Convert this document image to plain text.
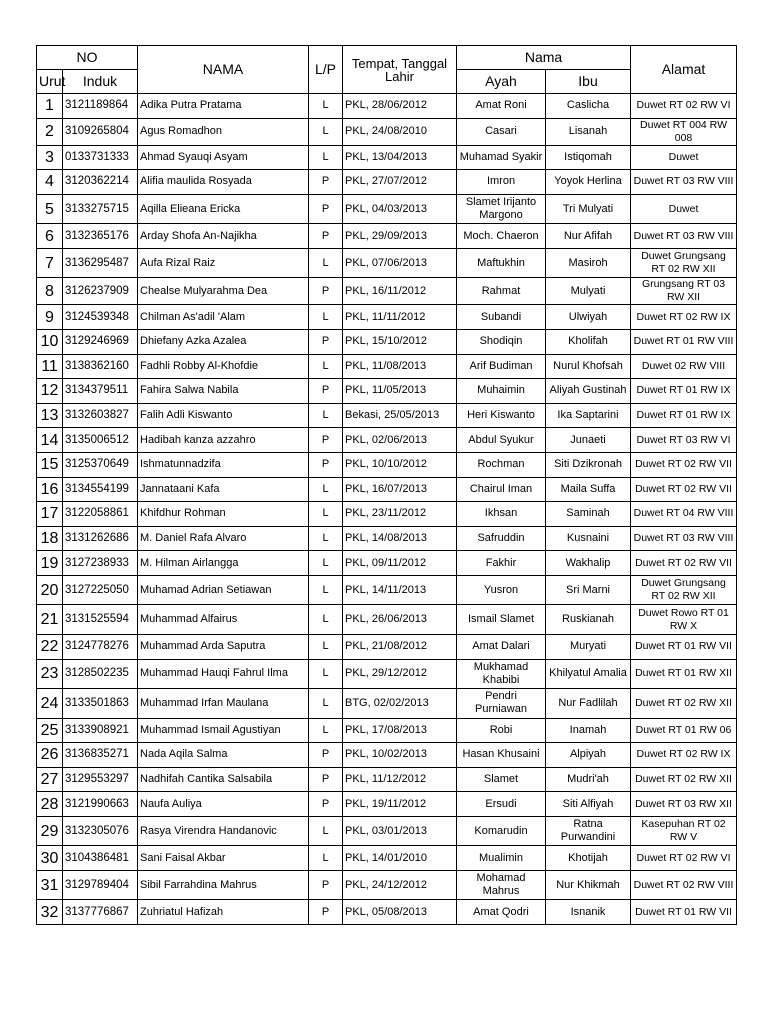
NO		NAMA	L/P	Tempat, Tanggal Lahir	Nama		Alamat
Urut	Induk				Ayah	Ibu	
1	3121189864	Adika Putra Pratama	L	PKL, 28/06/2012	Amat Roni	Caslicha	Duwet RT 02 RW VI
2	3109265804	Agus Romadhon	L	PKL, 24/08/2010	Casari	Lisanah	Duwet RT 004 RW 008
3	0133731333	Ahmad Syauqi Asyam	L	PKL, 13/04/2013	Muhamad Syakir	Istiqomah	Duwet
4	3120362214	Alifia maulida Rosyada	P	PKL, 27/07/2012	Imron	Yoyok Herlina	Duwet RT 03 RW VIII
5	3133275715	Aqilla Elieana Ericka	P	PKL, 04/03/2013	Slamet Irijanto Margono	Tri Mulyati	Duwet
6	3132365176	Arday Shofa An-Najikha	P	PKL, 29/09/2013	Moch. Chaeron	Nur Afifah	Duwet RT 03 RW VIII
7	3136295487	Aufa Rizal Raiz	L	PKL, 07/06/2013	Maftukhin	Masiroh	Duwet Grungsang RT 02 RW XII
8	3126237909	Chealse Mulyarahma Dea	P	PKL, 16/11/2012	Rahmat	Mulyati	Grungsang RT 03 RW XII
9	3124539348	Chilman As'adil 'Alam	L	PKL, 11/11/2012	Subandi	Ulwiyah	Duwet RT 02 RW IX
10	3129246969	Dhiefany Azka Azalea	P	PKL, 15/10/2012	Shodiqin	Kholifah	Duwet RT 01 RW VIII
11	3138362160	Fadhli Robby Al-Khofdie	L	PKL, 11/08/2013	Arif Budiman	Nurul Khofsah	Duwet 02 RW VIII
12	3134379511	Fahira Salwa Nabila	P	PKL, 11/05/2013	Muhaimin	Aliyah Gustinah	Duwet RT 01 RW IX
13	3132603827	Falih Adli Kiswanto	L	Bekasi, 25/05/2013	Heri Kiswanto	Ika Saptarini	Duwet RT 01 RW IX
14	3135006512	Hadibah kanza azzahro	P	PKL, 02/06/2013	Abdul Syukur	Junaeti	Duwet RT 03 RW VI
15	3125370649	Ishmatunnadzifa	P	PKL, 10/10/2012	Rochman	Siti Dzikronah	Duwet RT 02 RW VII
16	3134554199	Jannataani Kafa	L	PKL, 16/07/2013	Chairul Iman	Maila Suffa	Duwet RT 02 RW VII
17	3122058861	Khifdhur Rohman	L	PKL, 23/11/2012	Ikhsan	Saminah	Duwet RT 04 RW VIII
18	3131262686	M. Daniel Rafa Alvaro	L	PKL, 14/08/2013	Safruddin	Kusnaini	Duwet RT 03 RW VIII
19	3127238933	M. Hilman Airlangga	L	PKL, 09/11/2012	Fakhir	Wakhalip	Duwet RT 02 RW VII
20	3127225050	Muhamad Adrian Setiawan	L	PKL, 14/11/2013	Yusron	Sri Marni	Duwet Grungsang RT 02 RW XII
21	3131525594	Muhammad Alfairus	L	PKL, 26/06/2013	Ismail Slamet	Ruskianah	Duwet Rowo RT 01 RW X
22	3124778276	Muhammad Arda Saputra	L	PKL, 21/08/2012	Amat Dalari	Muryati	Duwet RT 01 RW VII
23	3128502235	Muhammad Hauqi Fahrul Ilma	L	PKL, 29/12/2012	Mukhamad Khabibi	Khilyatul Amalia	Duwet RT 01 RW XII
24	3133501863	Muhammad Irfan Maulana	L	BTG, 02/02/2013	Pendri Purniawan	Nur Fadlilah	Duwet RT 02 RW XII
25	3133908921	Muhammad Ismail Agustiyan	L	PKL, 17/08/2013	Robi	Inamah	Duwet RT 01 RW 06
26	3136835271	Nada Aqila Salma	P	PKL, 10/02/2013	Hasan Khusaini	Alpiyah	Duwet RT 02 RW IX
27	3129553297	Nadhifah Cantika Salsabila	P	PKL, 11/12/2012	Slamet	Mudri'ah	Duwet RT 02 RW XII
28	3121990663	Naufa Auliya	P	PKL, 19/11/2012	Ersudi	Siti Alfiyah	Duwet RT 03 RW XII
29	3132305076	Rasya Virendra Handanovic	L	PKL, 03/01/2013	Komarudin	Ratna Purwandini	Kasepuhan RT 02 RW V
30	3104386481	Sani Faisal Akbar	L	PKL, 14/01/2010	Mualimin	Khotijah	Duwet RT 02 RW VI
31	3129789404	Sibil Farrahdina Mahrus	P	PKL, 24/12/2012	Mohamad Mahrus	Nur Khikmah	Duwet RT 02 RW VIII
32	3137776867	Zuhriatul Hafizah	P	PKL, 05/08/2013	Amat Qodri	Isnanik	Duwet RT 01 RW VII
